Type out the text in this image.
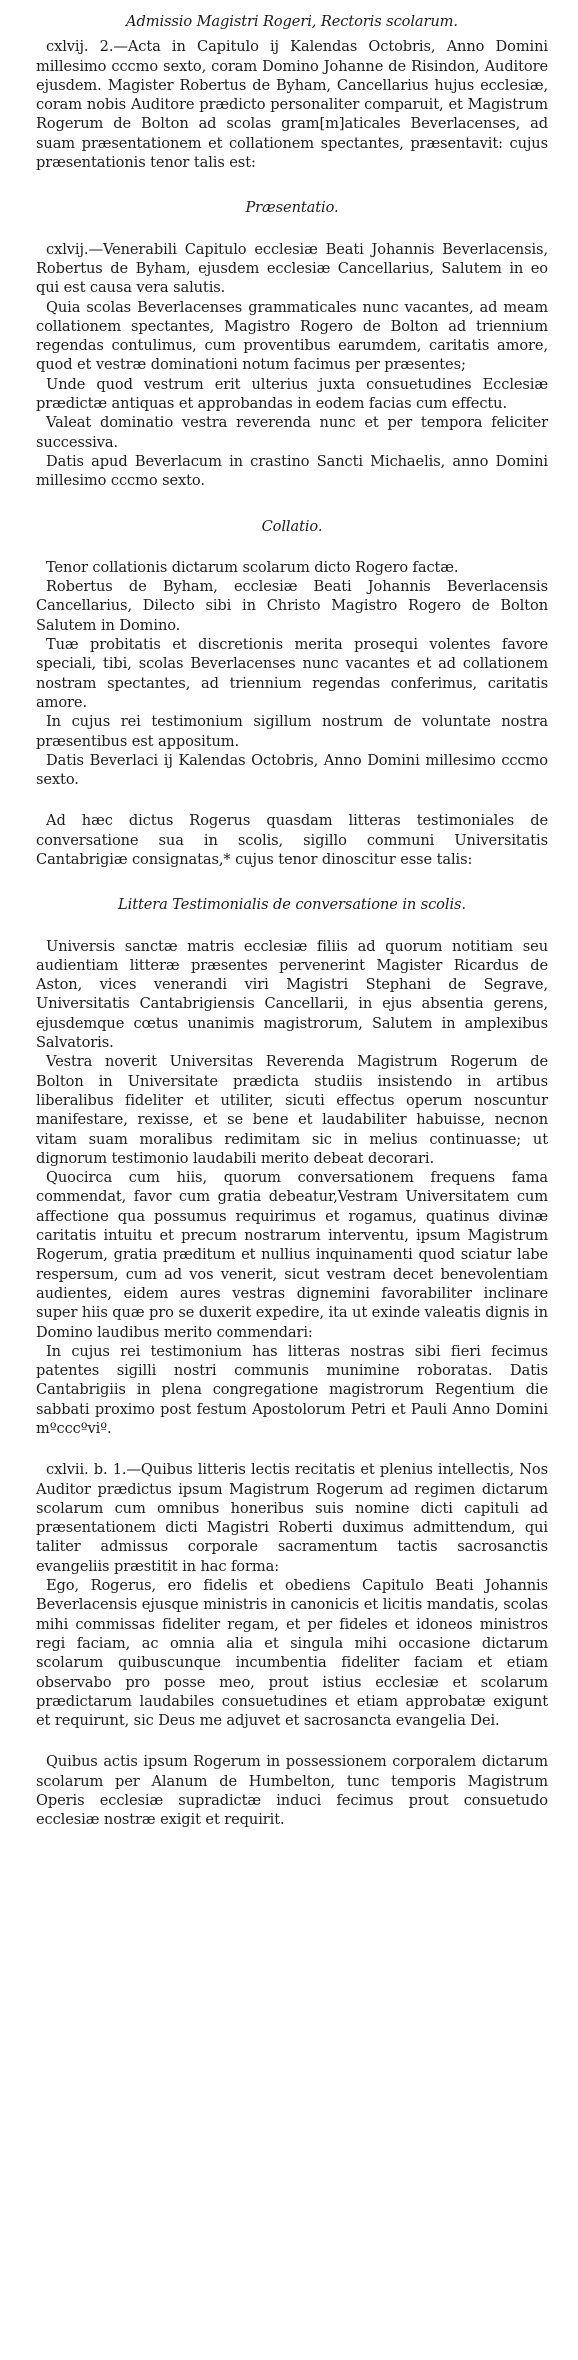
Admissio Magistri Rogeri, Rectoris scolarum.

cxlvij. 2.—Acta in Capitulo ij Kalendas Octobris, Anno Domini millesimo cccmo sexto, coram Domino Johanne de Risindon, Auditore ejusdem. Magister Robertus de Byham, Cancellarius hujus ecclesiæ, coram nobis Auditore prædicto personaliter comparuit, et Magistrum Rogerum de Bolton ad scolas gram[m]aticales Beverlacenses, ad suam præsentationem et collationem spectantes, præsentavit: cujus præsentationis tenor talis est:

Præsentatio.

cxlvij.—Venerabili Capitulo ecclesiæ Beati Johannis Beverlacensis, Robertus de Byham, ejusdem ecclesiæ Cancellarius, Salutem in eo qui est causa vera salutis.

Quia scolas Beverlacenses grammaticales nunc vacantes, ad meam collationem spectantes, Magistro Rogero de Bolton ad triennium regendas contulimus, cum proventibus earumdem, caritatis amore, quod et vestræ dominationi notum facimus per præsentes;

Unde quod vestrum erit ulterius juxta consuetudines Ecclesiæ prædictæ antiquas et approbandas in eodem facias cum effectu.

Valeat dominatio vestra reverenda nunc et per tempora feliciter successiva.

Datis apud Beverlacum in crastino Sancti Michaelis, anno Domini millesimo cccmo sexto.

Collatio.

Tenor collationis dictarum scolarum dicto Rogero factæ.

Robertus de Byham, ecclesiæ Beati Johannis Beverlacensis Cancellarius, Dilecto sibi in Christo Magistro Rogero de Bolton Salutem in Domino.

Tuæ probitatis et discretionis merita prosequi volentes favore speciali, tibi, scolas Beverlacenses nunc vacantes et ad collationem nostram spectantes, ad triennium regendas conferimus, caritatis amore.

In cujus rei testimonium sigillum nostrum de voluntate nostra præsentibus est appositum.

Datis Beverlaci ij Kalendas Octobris, Anno Domini millesimo cccmo sexto.

Ad hæc dictus Rogerus quasdam litteras testimoniales de conversatione sua in scolis, sigillo communi Universitatis Cantabrigiæ consignatas,* cujus tenor dinoscitur esse talis:

Littera Testimonialis de conversatione in scolis.

Universis sanctæ matris ecclesiæ filiis ad quorum notitiam seu audientiam litteræ præsentes pervenerint Magister Ricardus de Aston, vices venerandi viri Magistri Stephani de Segrave, Universitatis Cantabrigiensis Cancellarii, in ejus absentia gerens, ejusdemque cœtus unanimis magistrorum, Salutem in amplexibus Salvatoris.

Vestra noverit Universitas Reverenda Magistrum Rogerum de Bolton in Universitate prædicta studiis insistendo in artibus liberalibus fideliter et utiliter, sicuti effectus operum noscuntur manifestare, rexisse, et se bene et laudabiliter habuisse, necnon vitam suam moralibus redimitam sic in melius continuasse; ut dignorum testimonio laudabili merito debeat decorari.

Quocirca cum hiis, quorum conversationem frequens fama commendat, favor cum gratia debeatur,Vestram Universitatem cum affectione qua possumus requirimus et rogamus, quatinus divinæ caritatis intuitu et precum nostrarum interventu, ipsum Magistrum Rogerum, gratia præditum et nullius inquinamenti quod sciatur labe respersum, cum ad vos venerit, sicut vestram decet benevolentiam audientes, eidem aures vestras dignemini favorabiliter inclinare super hiis quæ pro se duxerit expedire, ita ut exinde valeatis dignis in Domino laudibus merito commendari:

In cujus rei testimonium has litteras nostras sibi fieri fecimus patentes sigilli nostri communis munimine roboratas. Datis Cantabrigiis in plena congregatione magistrorum Regentium die sabbati proximo post festum Apostolorum Petri et Pauli Anno Domini mºcccºviº.

cxlvii. b. 1.—Quibus litteris lectis recitatis et plenius intellectis, Nos Auditor prædictus ipsum Magistrum Rogerum ad regimen dictarum scolarum cum omnibus honeribus suis nomine dicti capituli ad præsentationem dicti Magistri Roberti duximus admittendum, qui taliter admissus corporale sacramentum tactis sacrosanctis evangeliis præstitit in hac forma:

Ego, Rogerus, ero fidelis et obediens Capitulo Beati Johannis Beverlacensis ejusque ministris in canonicis et licitis mandatis, scolas mihi commissas fideliter regam, et per fideles et idoneos ministros regi faciam, ac omnia alia et singula mihi occasione dictarum scolarum quibuscunque incumbentia fideliter faciam et etiam observabo pro posse meo, prout istius ecclesiæ et scolarum prædictarum laudabiles consuetudines et etiam approbatæ exigunt et requirunt, sic Deus me adjuvet et sacrosancta evangelia Dei.

Quibus actis ipsum Rogerum in possessionem corporalem dictarum scolarum per Alanum de Humbelton, tunc temporis Magistrum Operis ecclesiæ supradictæ induci fecimus prout consuetudo ecclesiæ nostræ exigit et requirit.
